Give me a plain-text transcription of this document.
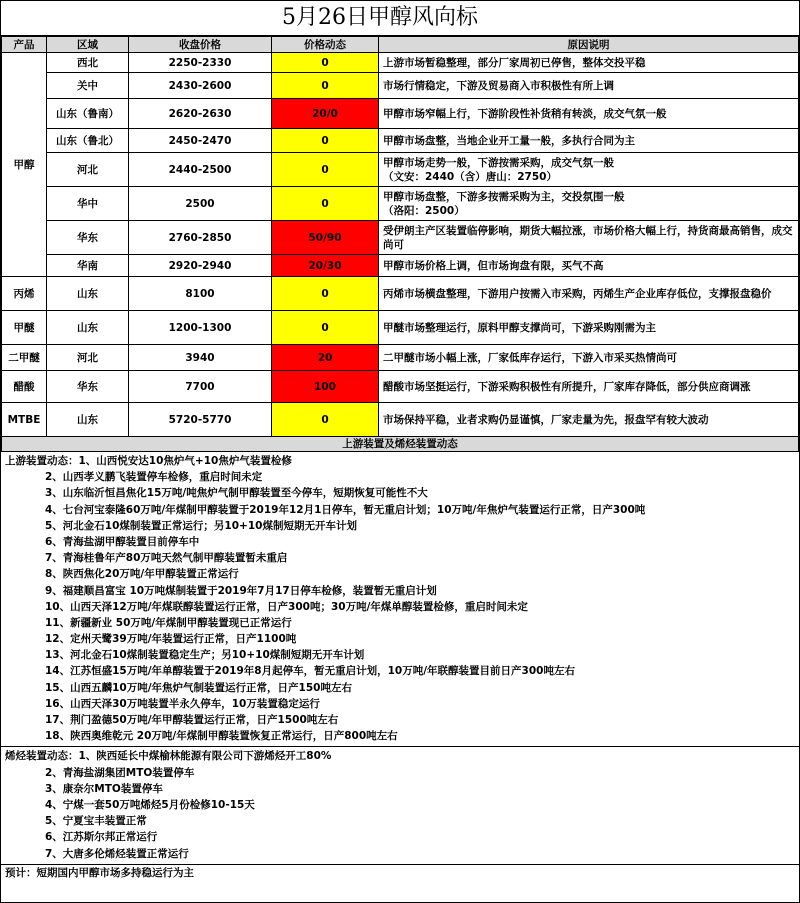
5月26日甲醇风向标
产品	区域	收盘价格	价格动态	原因说明
甲醇	西北	2250-2330	0	上游市场暂稳整理，部分厂家周初已停售，整体交投平稳

	关中	2430-2600	0	市场行情稳定，下游及贸易商入市积极性有所上调

	山东（鲁南）	2620-2630	20/0	甲醇市场窄幅上行，下游阶段性补货稍有转淡，成交气氛一般

	山东（鲁北）	2450-2470	0	甲醇市场盘整，当地企业开工量一般，多执行合同为主

	河北	2440-2500	0	甲醇市场走势一般，下游按需采购，成交气氛一般
（文安：2440（含）唐山：2750）

	华中	2500	0	甲醇市场盘整，下游多按需采购为主，交投氛围一般
（洛阳：2500）

	华东	2760-2850	50/90	受伊朗主产区装置临停影响，期货大幅拉涨，市场价格大幅上行，持货商最高销售，成交
尚可

	华南	2920-2940	20/30	甲醇市场价格上调，但市场询盘有限，买气不高

丙烯	山东	8100	0	丙烯市场横盘整理，下游用户按需入市采购，丙烯生产企业库存低位，支撑报盘稳价
甲醚	山东	1200-1300	0	甲醚市场整理运行，原料甲醇支撑尚可，下游采购刚需为主
二甲醚	河北	3940	20	二甲醚市场小幅上涨，厂家低库存运行，下游入市采买热情尚可
醋酸	华东	7700	100	醋酸市场坚挺运行，下游采购积极性有所提升，厂家库存降低，部分供应商调涨
MTBE	山东	5720-5770	0	市场保持平稳，业者求购仍显谨慎，厂家走量为先，报盘罕有较大波动
上游装置及烯烃装置动态
上游装置动态：1、山西悦安达10焦炉气+10焦炉气装置检修
2、山西孝义鹏飞装置停车检修，重启时间未定
3、山东临沂恒昌焦化15万吨/吨焦炉气制甲醇装置至今停车，短期恢复可能性不大
4、七台河宝泰隆60万吨/年煤制甲醇装置于2019年12月1日停车，暂无重启计划；10万吨/年焦炉气装置运行正常，日产300吨
5、河北金石10煤制装置正常运行；另10+10煤制短期无开车计划
6、青海盐湖甲醇装置目前停车中
7、青海桂鲁年产80万吨天然气制甲醇装置暂未重启
8、陕西焦化20万吨/年甲醇装置正常运行
9、福建顺昌富宝 10万吨煤制装置于2019年7月17日停车检修，装置暂无重启计划
10、山西天泽12万吨/年煤联醇装置运行正常，日产300吨；30万吨/年煤单醇装置检修，重启时间未定
11、新疆新业 50万吨/年煤制甲醇装置现已正常运行
12、定州天鹭39万吨/年装置运行正常，日产1100吨
13、河北金石10煤制装置稳定生产；另10+10煤制短期无开车计划
14、江苏恒盛15万吨/年单醇装置于2019年8月起停车，暂无重启计划，10万吨/年联醇装置目前日产300吨左右
15、山西五麟10万吨/年焦炉气制装置运行正常，日产150吨左右
16、山西天泽30万吨装置半永久停车，10万装置稳定运行
17、荆门盈德50万吨/年甲醇装置运行正常，日产1500吨左右
18、陕西奥维乾元 20万吨/年煤制甲醇装置恢复正常运行，日产800吨左右
烯烃装置动态：1、陕西延长中煤榆林能源有限公司下游烯烃开工80%
2、青海盐湖集团MTO装置停车
3、康奈尔MTO装置停车
4、宁煤一套50万吨烯烃5月份检修10-15天
5、宁夏宝丰装置正常
6、江苏斯尔邦正常运行
7、大唐多伦烯烃装置正常运行
预计：短期国内甲醇市场多持稳运行为主
